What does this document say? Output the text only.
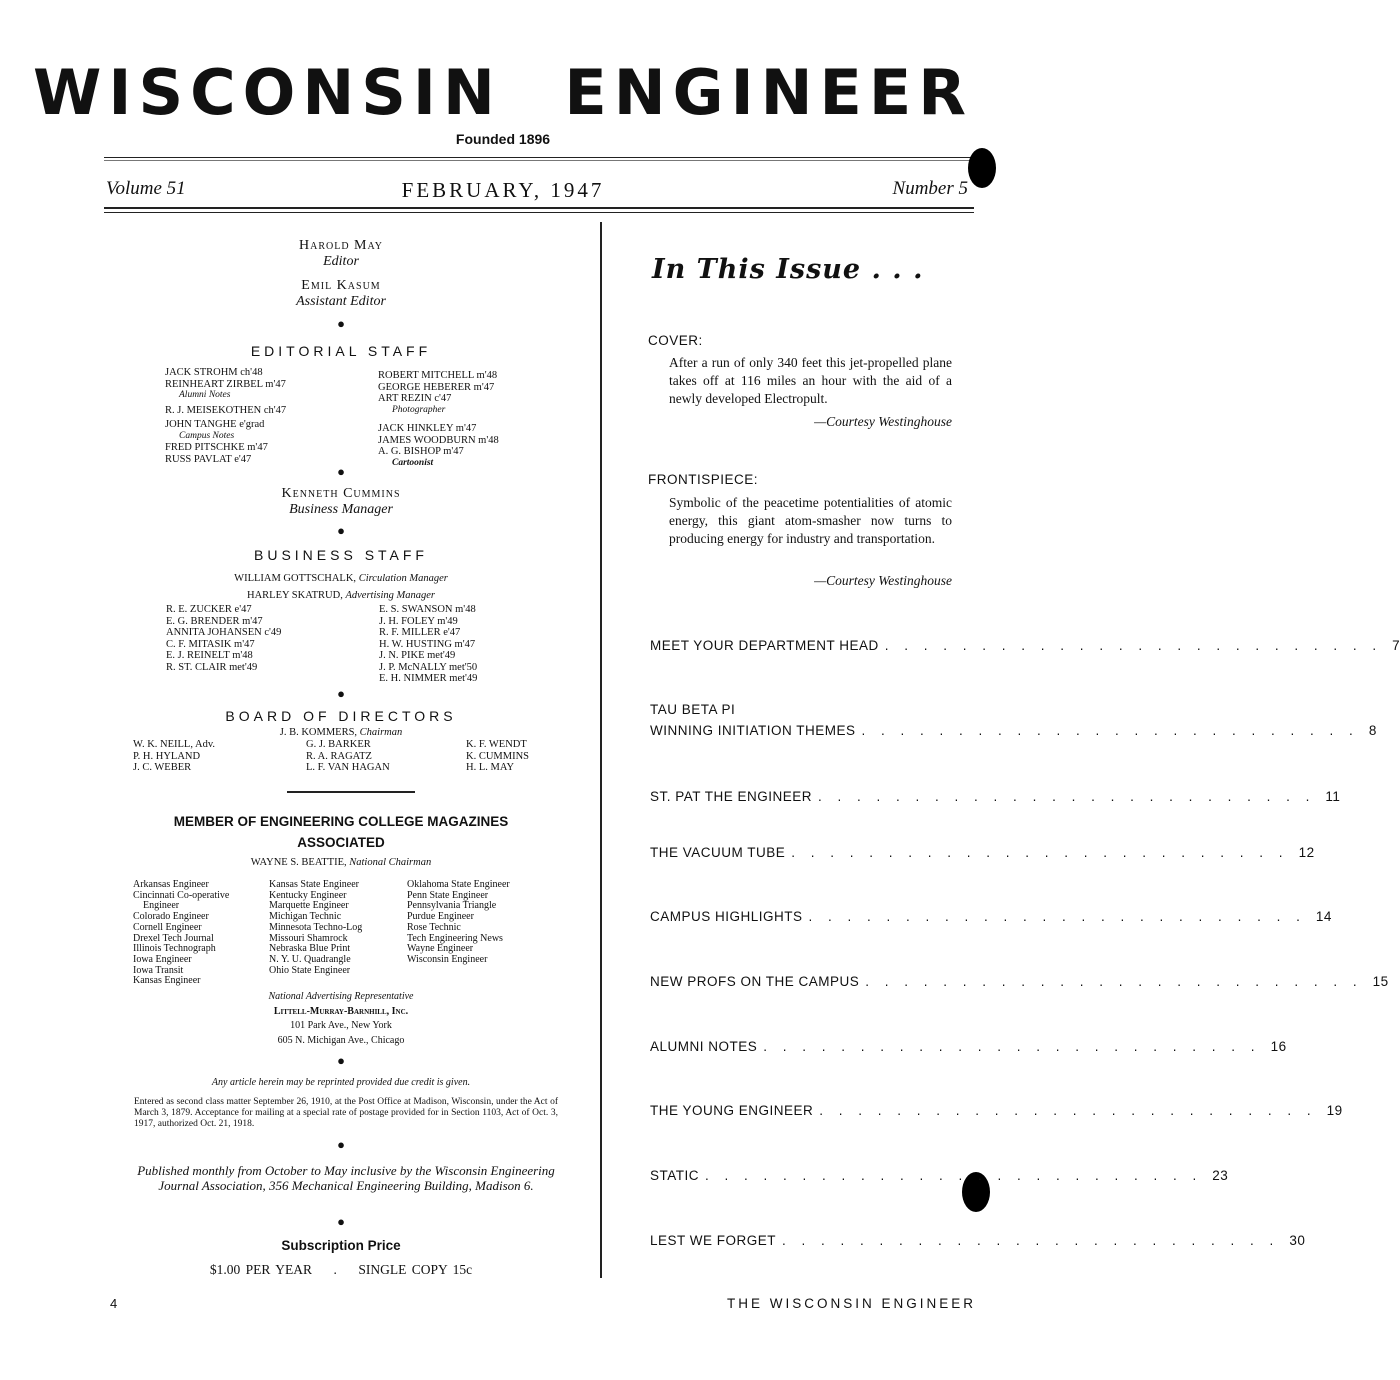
WISCONSIN ENGINEER
Founded 1896
Volume 51	FEBRUARY, 1947	Number 5
Harold May
Editor
Emil Kasum
Assistant Editor
●
EDITORIAL STAFF
JACK STROHM ch'48
REINHEART ZIRBEL m'47
Alumni Notes
R. J. MEISEKOTHEN ch'47
JOHN TANGHE e'grad
Campus Notes
FRED PITSCHKE m'47
RUSS PAVLAT e'47
ROBERT MITCHELL m'48
GEORGE HEBERER m'47
ART REZIN c'47
Photographer
JACK HINKLEY m'47
JAMES WOODBURN m'48
A. G. BISHOP m'47
Cartoonist
●
Kenneth Cummins
Business Manager
●
BUSINESS STAFF
WILLIAM GOTTSCHALK, Circulation Manager
HARLEY SKATRUD, Advertising Manager
R. E. ZUCKER e'47
E. G. BRENDER m'47
ANNITA JOHANSEN c'49
C. F. MITASIK m'47
E. J. REINELT m'48
R. ST. CLAIR met'49
E. S. SWANSON m'48
J. H. FOLEY m'49
R. F. MILLER e'47
H. W. HUSTING m'47
J. N. PIKE met'49
J. P. McNALLY met'50
E. H. NIMMER met'49
●
BOARD OF DIRECTORS
J. B. KOMMERS, Chairman
W. K. NEILL, Adv.
P. H. HYLAND
J. C. WEBER
G. J. BARKER
R. A. RAGATZ
L. F. VAN HAGAN
K. F. WENDT
K. CUMMINS
H. L. MAY
MEMBER OF ENGINEERING COLLEGE MAGAZINES
ASSOCIATED
WAYNE S. BEATTIE, National Chairman
Arkansas Engineer
Cincinnati Co-operative
Engineer
Colorado Engineer
Cornell Engineer
Drexel Tech Journal
Illinois Technograph
Iowa Engineer
Iowa Transit
Kansas Engineer
Kansas State Engineer
Kentucky Engineer
Marquette Engineer
Michigan Technic
Minnesota Techno-Log
Missouri Shamrock
Nebraska Blue Print
N. Y. U. Quadrangle
Ohio State Engineer
Oklahoma State Engineer
Penn State Engineer
Pennsylvania Triangle
Purdue Engineer
Rose Technic
Tech Engineering News
Wayne Engineer
Wisconsin Engineer
National Advertising Representative
Littell-Murray-Barnhill, Inc.
101 Park Ave., New York
605 N. Michigan Ave., Chicago
●
Any article herein may be reprinted provided due credit is given.
Entered as second class matter September 26, 1910, at the Post Office at Madison, Wisconsin, under the Act of March 3, 1879. Acceptance for mailing at a special rate of postage provided for in Section 1103, Act of Oct. 3, 1917, authorized Oct. 21, 1918.
●
Published monthly from October to May inclusive by the Wisconsin Engineering Journal Association, 356 Mechanical Engineering Building, Madison 6.
●
Subscription Price
$1.00 PER YEAR . SINGLE COPY 15c
In This Issue . . .
COVER:
After a run of only 340 feet this jet-propelled plane takes off at 116 miles an hour with the aid of a newly developed Electropult.
—Courtesy Westinghouse
FRONTISPIECE:
Symbolic of the peacetime potentialities of atomic energy, this giant atom-smasher now turns to producing energy for industry and transportation.
—Courtesy Westinghouse
MEET YOUR DEPARTMENT HEAD . . . . . . . . . . . . . . . . . . . . . . . . . . 7
TAU BETA PI
WINNING INITIATION THEMES . . . . . . . . . . . . . . . . . . . . . . . . . . 8
ST. PAT THE ENGINEER . . . . . . . . . . . . . . . . . . . . . . . . . . 11
THE VACUUM TUBE . . . . . . . . . . . . . . . . . . . . . . . . . . 12
CAMPUS HIGHLIGHTS . . . . . . . . . . . . . . . . . . . . . . . . . . 14
NEW PROFS ON THE CAMPUS . . . . . . . . . . . . . . . . . . . . . . . . . . 15
ALUMNI NOTES . . . . . . . . . . . . . . . . . . . . . . . . . . 16
THE YOUNG ENGINEER . . . . . . . . . . . . . . . . . . . . . . . . . . 19
STATIC . . . . . . . . . . . . . . . . . . . . . . . . . . 23
LEST WE FORGET . . . . . . . . . . . . . . . . . . . . . . . . . . 30
4	THE WISCONSIN ENGINEER
